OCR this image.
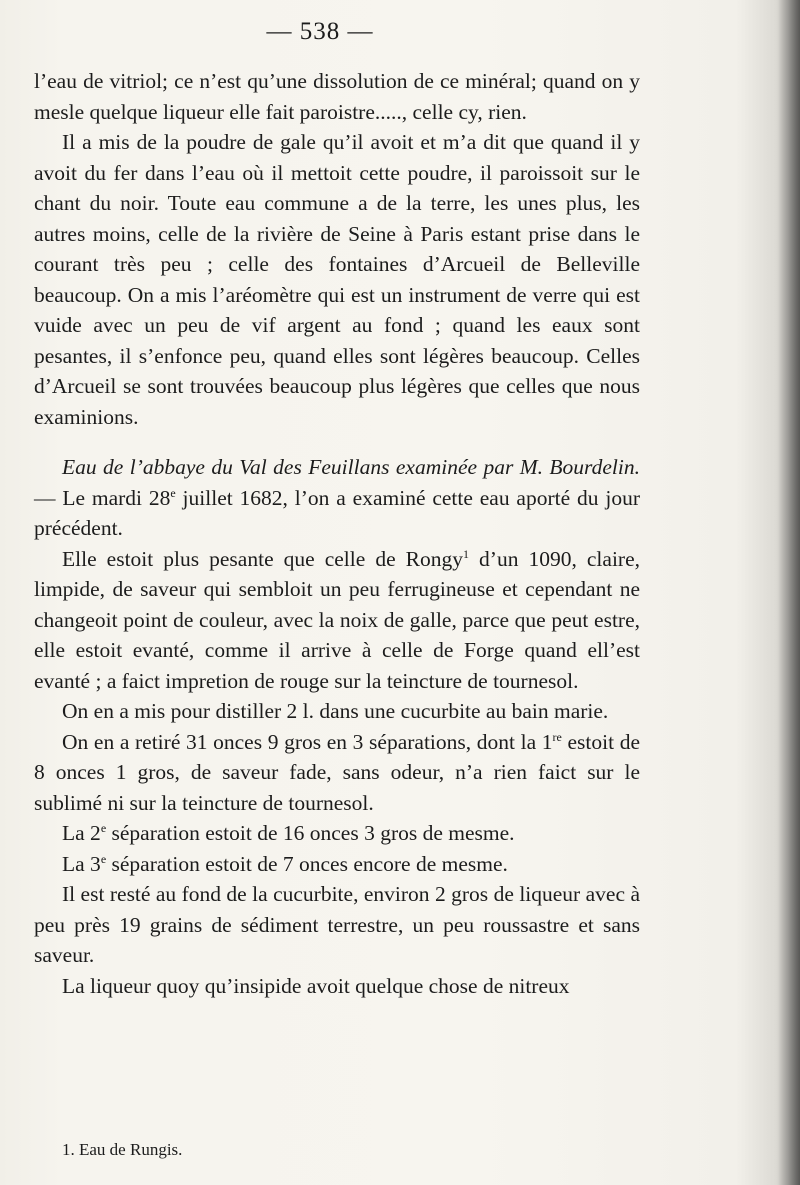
— 538 —

l’eau de vitriol; ce n’est qu’une dissolution de ce minéral; quand on y mesle quelque liqueur elle fait paroistre....., celle cy, rien.

Il a mis de la poudre de gale qu’il avoit et m’a dit que quand il y avoit du fer dans l’eau où il mettoit cette poudre, il paroissoit sur le chant du noir. Toute eau commune a de la terre, les unes plus, les autres moins, celle de la rivière de Seine à Paris estant prise dans le courant très peu ; celle des fontaines d’Arcueil de Belleville beaucoup. On a mis l’aréomètre qui est un instrument de verre qui est vuide avec un peu de vif argent au fond ; quand les eaux sont pesantes, il s’enfonce peu, quand elles sont légères beaucoup. Celles d’Arcueil se sont trouvées beaucoup plus légères que celles que nous examinions.

Eau de l’abbaye du Val des Feuillans examinée par M. Bourdelin. — Le mardi 28e juillet 1682, l’on a examiné cette eau aporté du jour précédent.

Elle estoit plus pesante que celle de Rongy$^1$ d’un 1090, claire, limpide, de saveur qui sembloit un peu ferrugineuse et cependant ne changeoit point de couleur, avec la noix de galle, parce que peut estre, elle estoit evanté, comme il arrive à celle de Forge quand ell’est evanté ; a faict impretion de rouge sur la teincture de tournesol.

On en a mis pour distiller 2 l. dans une cucurbite au bain marie.

On en a retiré 31 onces 9 gros en 3 séparations, dont la 1re estoit de 8 onces 1 gros, de saveur fade, sans odeur, n’a rien faict sur le sublimé ni sur la teincture de tournesol.

La 2e séparation estoit de 16 onces 3 gros de mesme.

La 3e séparation estoit de 7 onces encore de mesme.

Il est resté au fond de la cucurbite, environ 2 gros de liqueur avec à peu près 19 grains de sédiment terrestre, un peu roussastre et sans saveur.

La liqueur quoy qu’insipide avoit quelque chose de nitreux

1. Eau de Rungis.
